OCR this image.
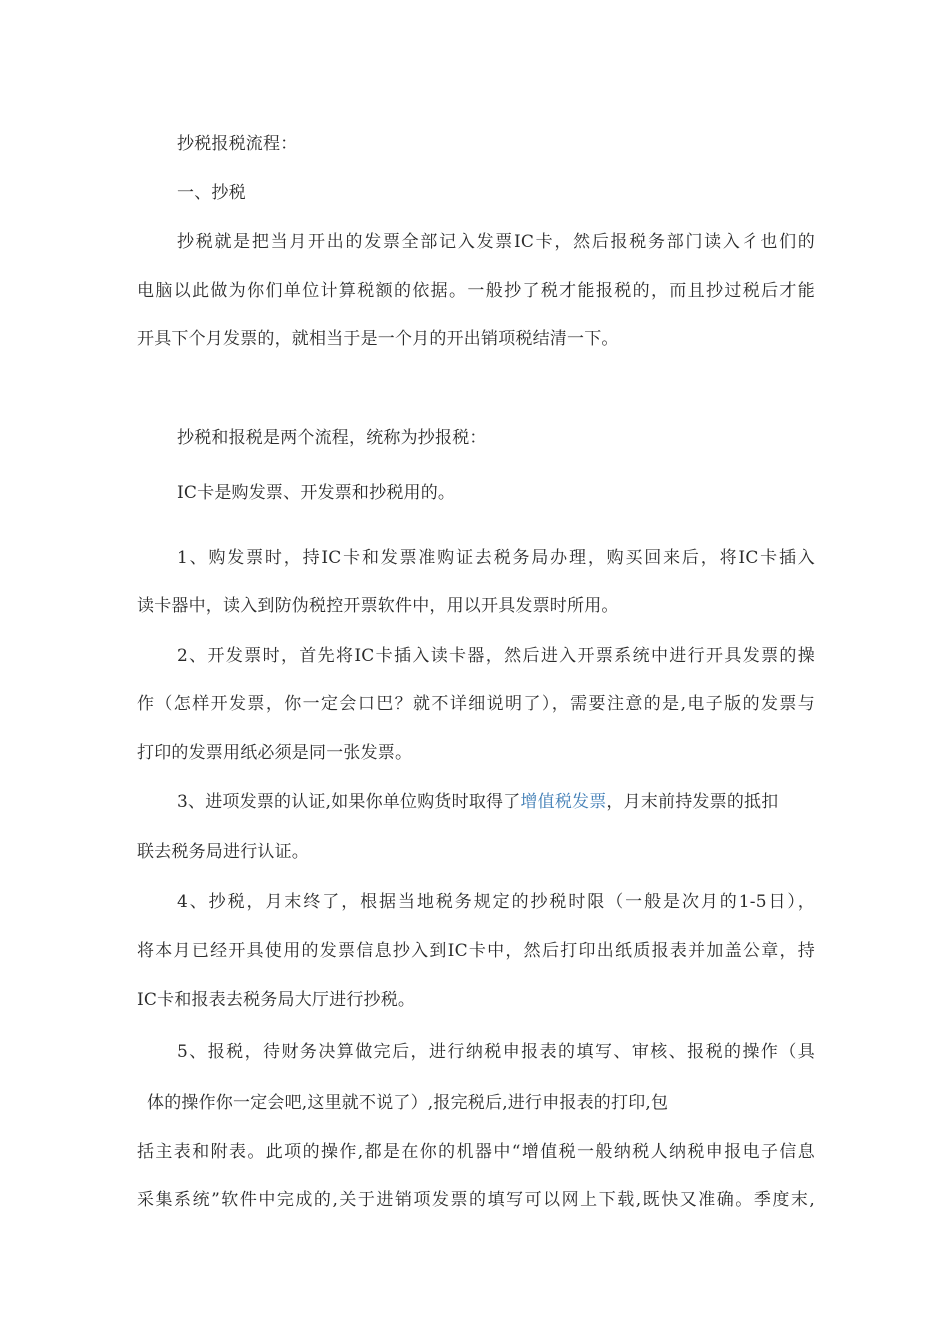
抄税报税流程：
一、抄税
抄税就是把当月开出的发票全部记入发票IC卡，然后报税务部门读入彳也们的
电脑以此做为你们单位计算税额的依据。一般抄了税才能报税的，而且抄过税后才能
开具下个月发票的，就相当于是一个月的开出销项税结清一下。
抄税和报税是两个流程，统称为抄报税：
IC卡是购发票、开发票和抄税用的。
1、购发票时，持IC卡和发票准购证去税务局办理，购买回来后，将IC卡插入
读卡器中，读入到防伪税控开票软件中，用以开具发票时所用。
2、开发票时，首先将IC卡插入读卡器，然后进入开票系统中进行开具发票的操
作（怎样开发票，你一定会口巴？就不详细说明了），需要注意的是,电子版的发票与
打印的发票用纸必须是同一张发票。
3、进项发票的认证,如果你单位购货时取得了增值税发票，月末前持发票的抵扣
联去税务局进行认证。
4、抄税，月末终了，根据当地税务规定的抄税时限（一般是次月的1-5日），
将本月已经开具使用的发票信息抄入到IC卡中，然后打印出纸质报表并加盖公章，持
IC卡和报表去税务局大厅进行抄税。
5、报税，待财务决算做完后，进行纳税申报表的填写、审核、报税的操作（具
体的操作你一定会吧,这里就不说了）,报完税后,进行申报表的打印,包
括主表和附表。此项的操作,都是在你的机器中“增值税一般纳税人纳税申报电子信息
采集系统”软件中完成的,关于进销项发票的填写可以网上下载,既快又准确。季度末,
